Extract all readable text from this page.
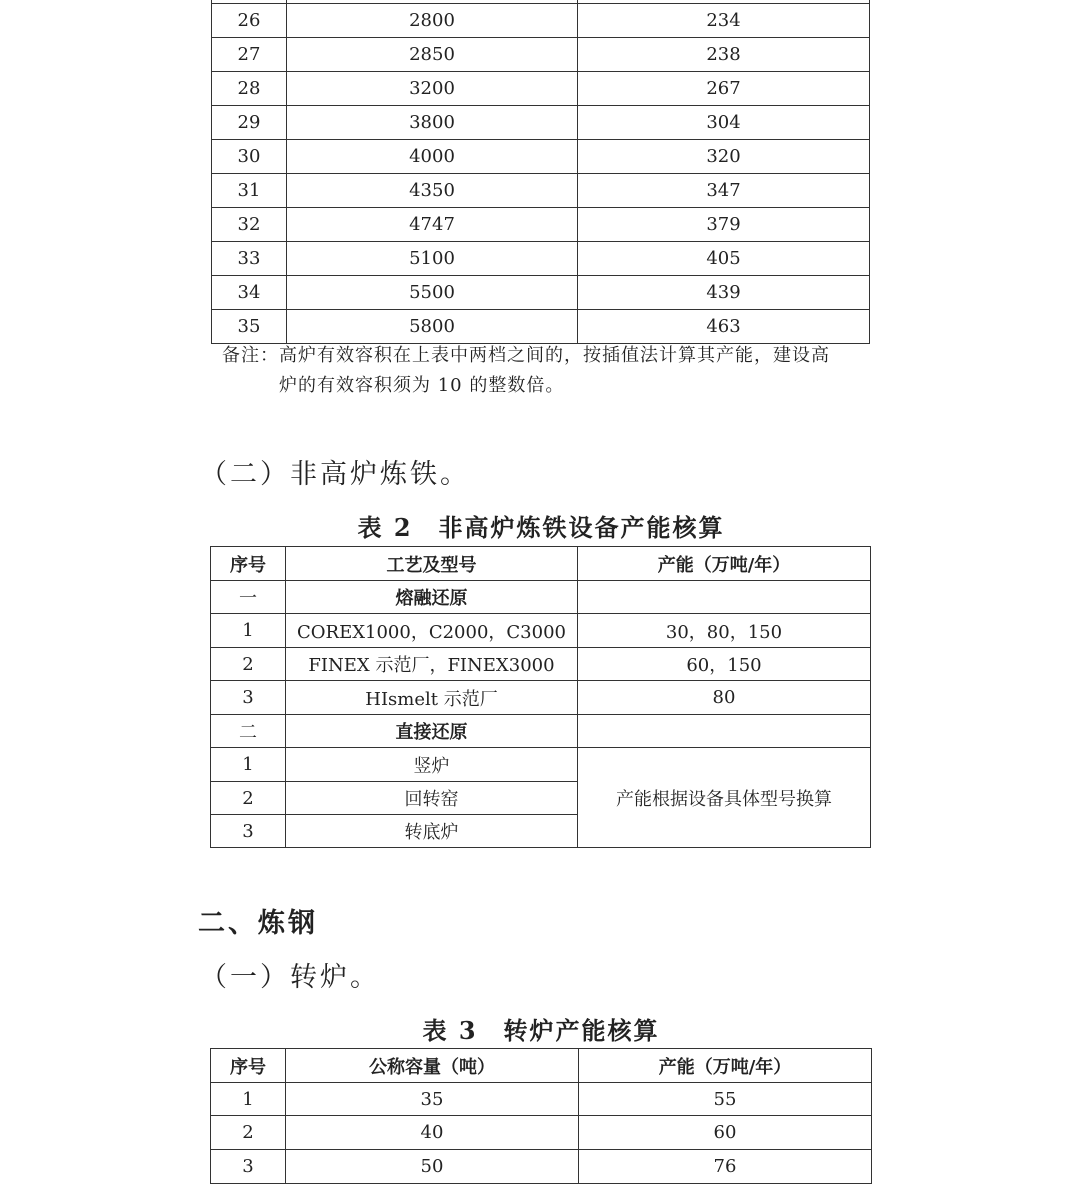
26	2800	234
27	2850	238
28	3200	267
29	3800	304
30	4000	320
31	4350	347
32	4747	379
33	5100	405
34	5500	439
35	5800	463
备注：高炉有效容积在上表中两档之间的，按插值法计算其产能，建设高
炉的有效容积须为 10 的整数倍。
（二）非高炉炼铁。
表 2　非高炉炼铁设备产能核算
序号	工艺及型号	产能（万吨/年）
一	熔融还原	
1	COREX1000，C2000，C3000	30，80，150
2	FINEX 示范厂，FINEX3000	60，150
3	HIsmelt 示范厂	80
二	直接还原	
1	竖炉	产能根据设备具体型号换算
2	回转窑	
3	转底炉	
二、炼钢
（一）转炉。
表 3　转炉产能核算
序号	公称容量（吨）	产能（万吨/年）
1	35	55
2	40	60
3	50	76
